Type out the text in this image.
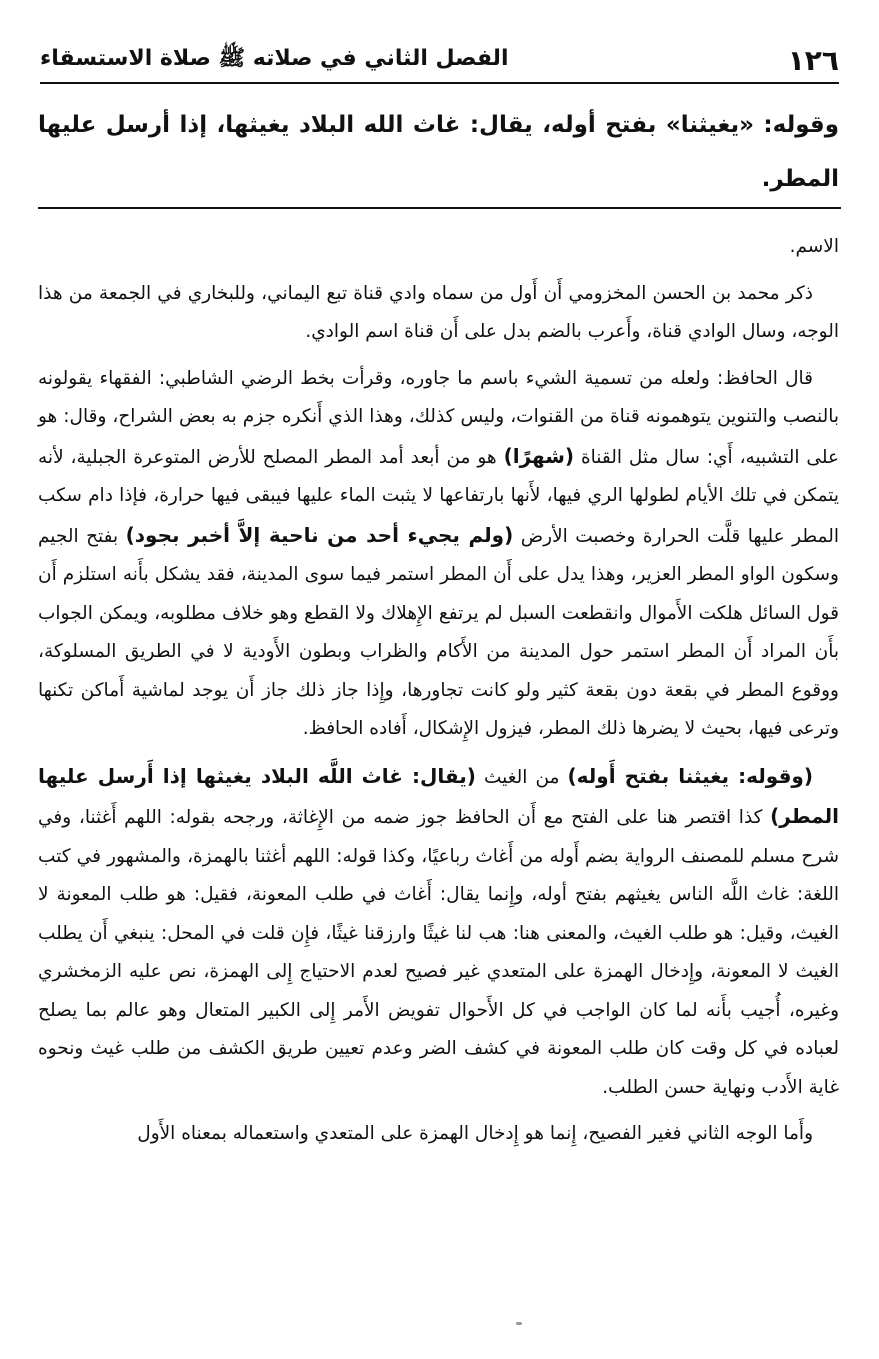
١٢٦
الفصل الثاني في صلاته ﷺ صلاة الاستسقاء
وقوله: «يغيثنا» بفتح أوله، يقال: غاث الله البلاد يغيثها، إذا أرسل عليها المطر.

الاسم.

ذكر محمد بن الحسن المخزومي أَن أَول من سماه وادي قناة تبع اليماني، وللبخاري في الجمعة من هذا الوجه، وسال الوادي قناة، وأَعرب بالضم بدل على أَن قناة اسم الوادي.

قال الحافظ: ولعله من تسمية الشيء باسم ما جاوره، وقرأت بخط الرضي الشاطبي: الفقهاء يقولونه بالنصب والتنوين يتوهمونه قناة من القنوات، وليس كذلك، وهذا الذي أَنكره جزم به بعض الشراح، وقال: هو على التشبيه، أَي: سال مثل القناة (شهرًا) هو من أبعد أمد المطر المصلح للأرض المتوعرة الجبلية، لأنه يتمكن في تلك الأيام لطولها الري فيها، لأَنها بارتفاعها لا يثبت الماء عليها فيبقى فيها حرارة، فإذا دام سكب المطر عليها قلَّت الحرارة وخصبت الأرض (ولم يجيء أحد من ناحية إلاَّ أخبر بجود) بفتح الجيم وسكون الواو المطر العزير، وهذا يدل على أَن المطر استمر فيما سوى المدينة، فقد يشكل بأَنه استلزم أَن قول السائل هلكت الأَموال وانقطعت السبل لم يرتفع الإِهلاك ولا القطع وهو خلاف مطلوبه، ويمكن الجواب بأَن المراد أَن المطر استمر حول المدينة من الأَكام والظراب وبطون الأَودية لا في الطريق المسلوكة، ووقوع المطر في بقعة دون بقعة كثير ولو كانت تجاورها، وإِذا جاز ذلك جاز أَن يوجد لماشية أَماكن تكنها وترعى فيها، بحيث لا يضرها ذلك المطر، فيزول الإِشكال، أَفاده الحافظ.

(وقوله: يغيثنا بفتح أَوله) من الغيث (يقال: غاث اللَّه البلاد يغيثها إذا أَرسل عليها المطر) كذا اقتصر هنا على الفتح مع أَن الحافظ جوز ضمه من الإِغاثة، ورجحه بقوله: اللهم أَغثنا، وفي شرح مسلم للمصنف الرواية بضم أَوله من أَغاث رباعيًا، وكذا قوله: اللهم أغثنا بالهمزة، والمشهور في كتب اللغة: غاث اللَّه الناس يغيثهم بفتح أوله، وإِنما يقال: أَغاث في طلب المعونة، فقيل: هو طلب المعونة لا الغيث، وقيل: هو طلب الغيث، والمعنى هنا: هب لنا غيثًا وارزقنا غيثًا، فإِن قلت في المحل: ينبغي أَن يطلب الغيث لا المعونة، وإِدخال الهمزة على المتعدي غير فصيح لعدم الاحتياج إِلى الهمزة، نص عليه الزمخشري وغيره، أُجيب بأَنه لما كان الواجب في كل الأَحوال تفويض الأَمر إِلى الكبير المتعال وهو عالم بما يصلح لعباده في كل وقت كان طلب المعونة في كشف الضر وعدم تعيين طريق الكشف من طلب غيث ونحوه غاية الأَدب ونهاية حسن الطلب.

وأَما الوجه الثاني فغير الفصيح، إِنما هو إِدخال الهمزة على المتعدي واستعماله بمعناه الأَول
